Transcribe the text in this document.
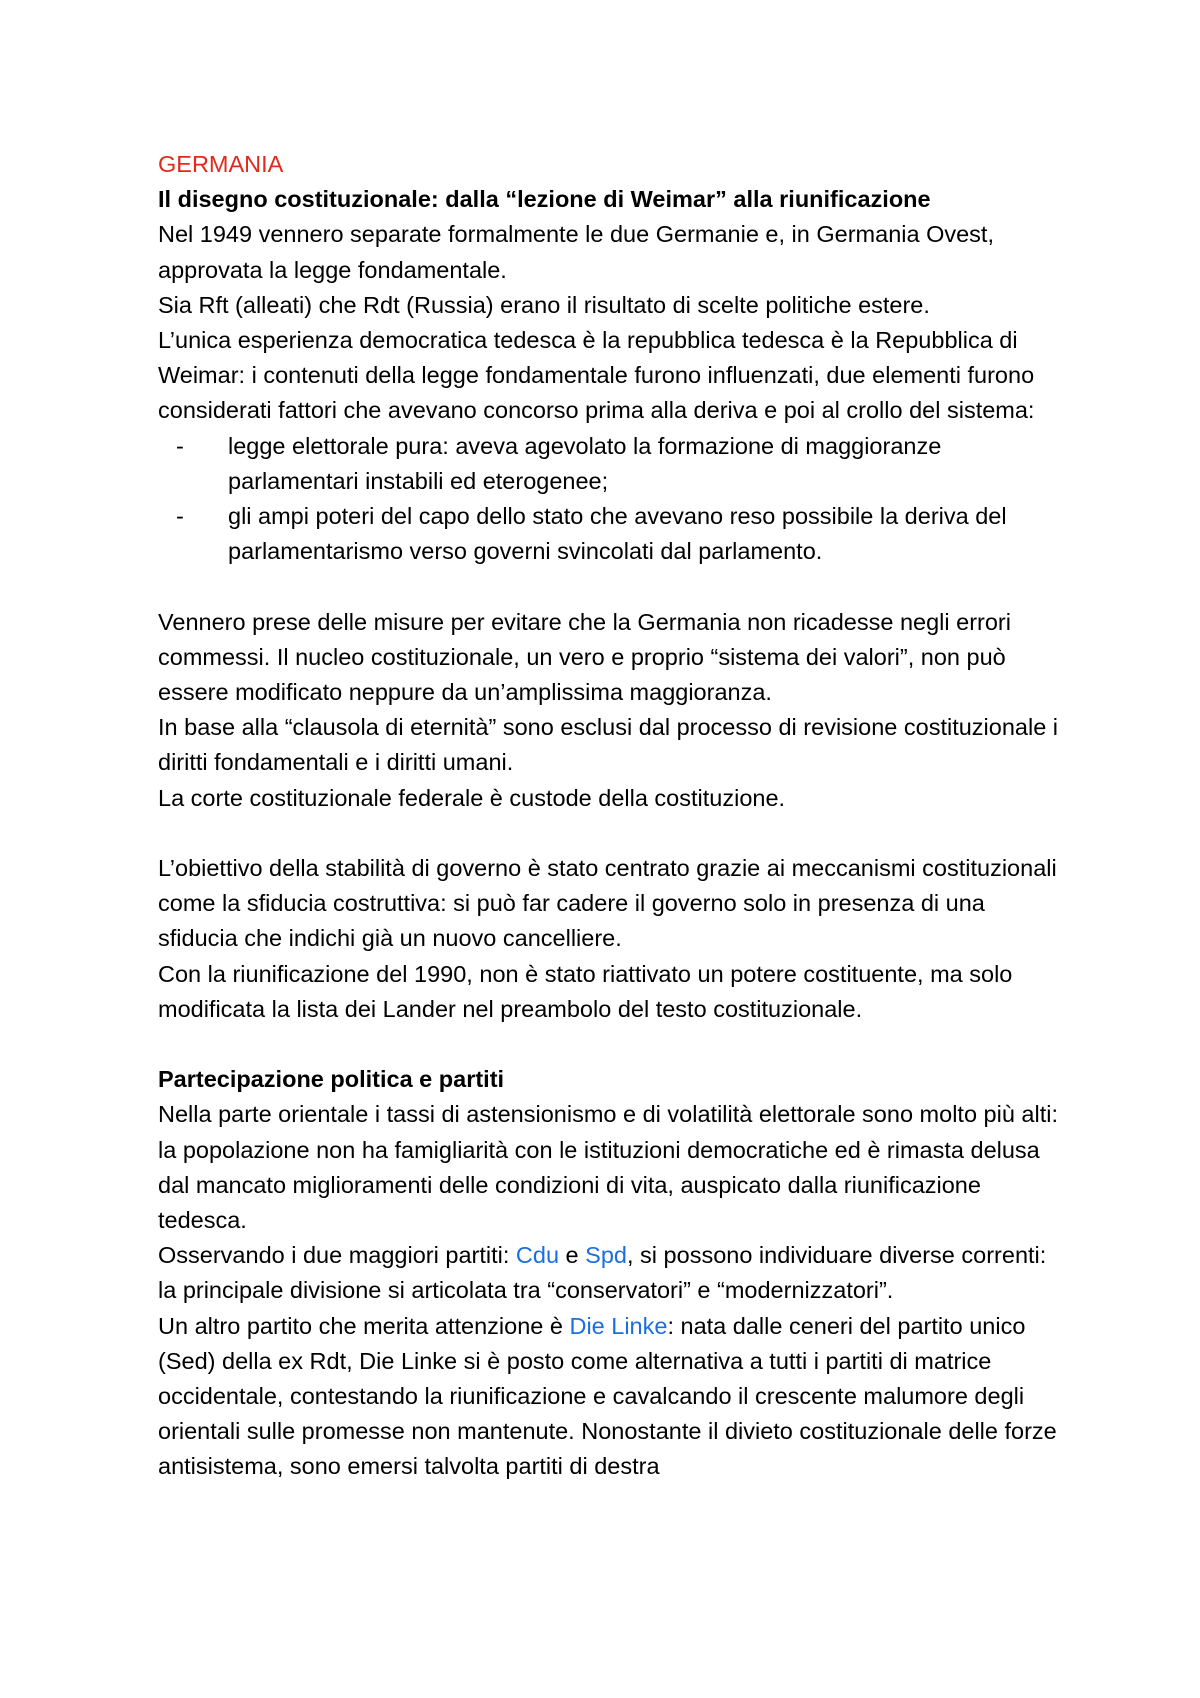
GERMANIA

Il disegno costituzionale: dalla “lezione di Weimar” alla riunificazione

Nel 1949 vennero separate formalmente le due Germanie e, in Germania Ovest, approvata la legge fondamentale.

Sia Rft (alleati) che Rdt (Russia) erano il risultato di scelte politiche estere.

L’unica esperienza democratica tedesca è la repubblica tedesca è la Repubblica di Weimar: i contenuti della legge fondamentale furono influenzati, due elementi furono considerati fattori che avevano concorso prima alla deriva e poi al crollo del sistema:

- legge elettorale pura: aveva agevolato la formazione di maggioranze parlamentari instabili ed eterogenee;
- gli ampi poteri del capo dello stato che avevano reso possibile la deriva del parlamentarismo verso governi svincolati dal parlamento.

Vennero prese delle misure per evitare che la Germania non ricadesse negli errori commessi. Il nucleo costituzionale, un vero e proprio “sistema dei valori”, non può essere modificato neppure da un’amplissima maggioranza.

In base alla “clausola di eternità” sono esclusi dal processo di revisione costituzionale i diritti fondamentali e i diritti umani.

La corte costituzionale federale è custode della costituzione.

L’obiettivo della stabilità di governo è stato centrato grazie ai meccanismi costituzionali come la sfiducia costruttiva: si può far cadere il governo solo in presenza di una sfiducia che indichi già un nuovo cancelliere.

Con la riunificazione del 1990, non è stato riattivato un potere costituente, ma solo modificata la lista dei Lander nel preambolo del testo costituzionale.

Partecipazione politica e partiti

Nella parte orientale i tassi di astensionismo e di volatilità elettorale sono molto più alti: la popolazione non ha famigliarità con le istituzioni democratiche ed è rimasta delusa dal mancato miglioramenti delle condizioni di vita, auspicato dalla riunificazione tedesca.

Osservando i due maggiori partiti: Cdu e Spd, si possono individuare diverse correnti: la principale divisione si articolata tra “conservatori” e “modernizzatori”.

Un altro partito che merita attenzione è Die Linke: nata dalle ceneri del partito unico (Sed) della ex Rdt, Die Linke si è posto come alternativa a tutti i partiti di matrice occidentale, contestando la riunificazione e cavalcando il crescente malumore degli orientali sulle promesse non mantenute. Nonostante il divieto costituzionale delle forze antisistema, sono emersi talvolta partiti di destra
